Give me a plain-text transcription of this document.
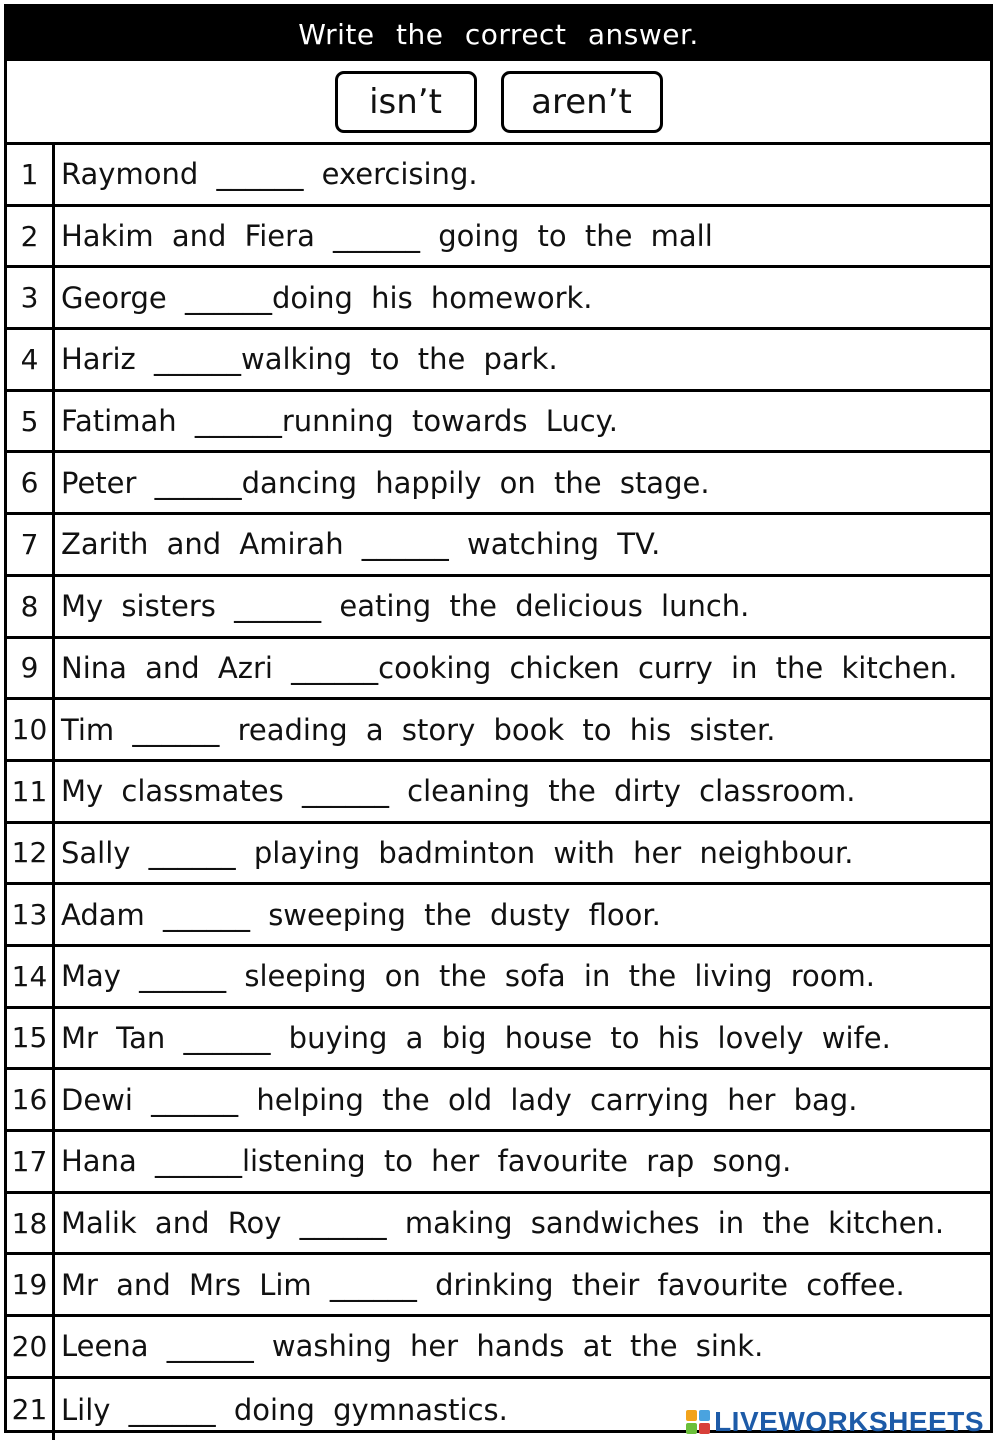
Write the correct answer.
isn’t	aren’t
1 Raymond ______ exercising.
2 Hakim and Fiera ______ going to the mall
3 George ______doing his homework.
4 Hariz ______walking to the park.
5 Fatimah ______running towards Lucy.
6 Peter ______dancing happily on the stage.
7 Zarith and Amirah ______ watching TV.
8 My sisters ______ eating the delicious lunch.
9 Nina and Azri ______cooking chicken curry in the kitchen.
10 Tim ______ reading a story book to his sister.
11 My classmates ______ cleaning the dirty classroom.
12 Sally ______ playing badminton with her neighbour.
13 Adam ______ sweeping the dusty floor.
14 May ______ sleeping on the sofa in the living room.
15 Mr Tan ______ buying a big house to his lovely wife.
16 Dewi ______ helping the old lady carrying her bag.
17 Hana ______listening to her favourite rap song.
18 Malik and Roy ______ making sandwiches in the kitchen.
19 Mr and Mrs Lim ______ drinking their favourite coffee.
20 Leena ______ washing her hands at the sink.
21 Lily ______ doing gymnastics.	LIVEWORKSHEETS
